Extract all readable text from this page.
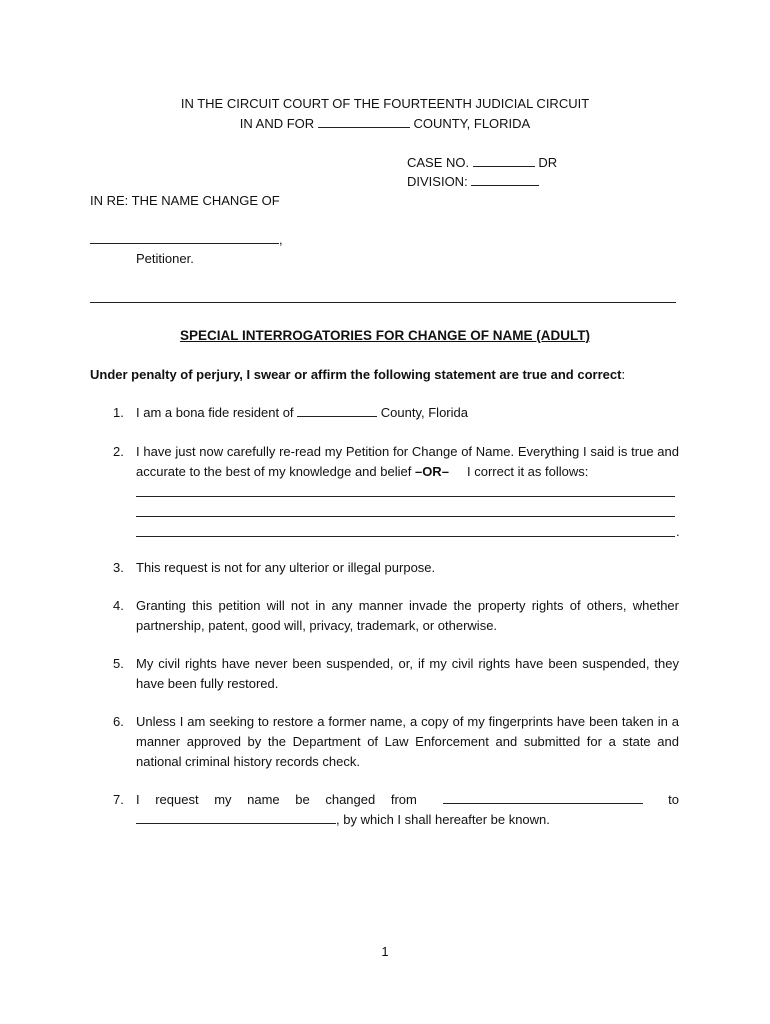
IN THE CIRCUIT COURT OF THE FOURTEENTH JUDICIAL CIRCUIT
IN AND FOR	COUNTY, FLORIDA
CASE NO.	DR
DIVISION:
IN RE: THE NAME CHANGE OF
,
Petitioner.
SPECIAL INTERROGATORIES FOR CHANGE OF NAME (ADULT)
Under penalty of perjury, I swear or affirm the following statement are true and correct:
1. I am a bona fide resident of	County, Florida
2. I have just now carefully re-read my Petition for Change of Name. Everything I said is true and accurate to the best of my knowledge and belief –OR– I correct it as follows:
.
3. This request is not for any ulterior or illegal purpose.
4. Granting this petition will not in any manner invade the property rights of others, whether partnership, patent, good will, privacy, trademark, or otherwise.
5. My civil rights have never been suspended, or, if my civil rights have been suspended, they have been fully restored.
6. Unless I am seeking to restore a former name, a copy of my fingerprints have been taken in a manner approved by the Department of Law Enforcement and submitted for a state and national criminal history records check.
7. I request my name be changed from	to
, by which I shall hereafter be known.
1
